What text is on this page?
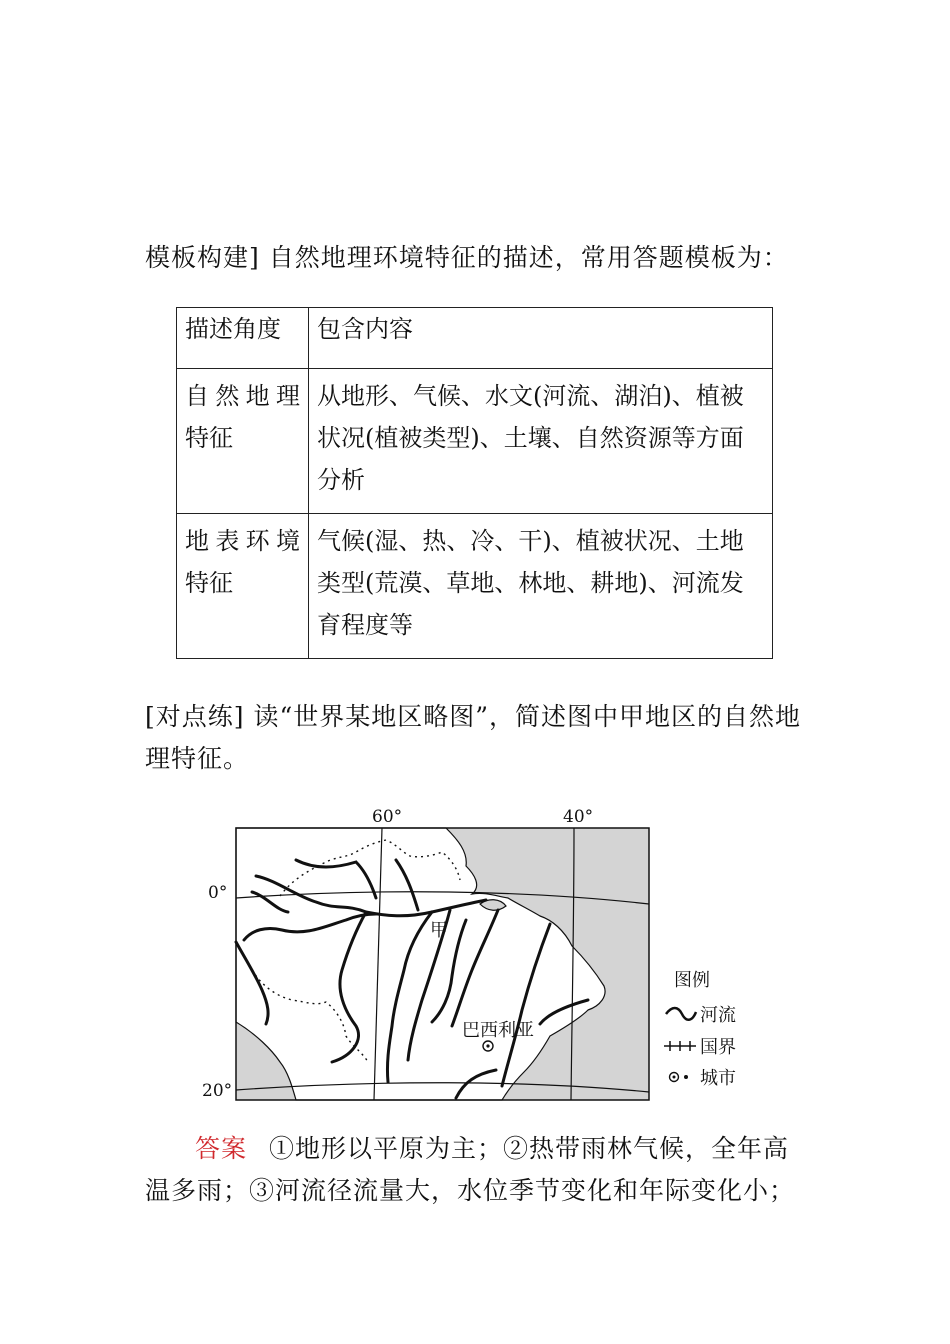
模板构建] 自然地理环境特征的描述，常用答题模板为：
描述角度	包含内容

自然地理
特征	从地形、气候、水文(河流、湖泊)、植被状况(植被类型)、土壤、自然资源等方面分析

地表环境
特征	气候(湿、热、冷、干)、植被状况、土地类型(荒漠、草地、林地、耕地)、河流发育程度等
[对点练] 读“世界某地区略图”，简述图中甲地区的自然地理特征。
60°	40°
0°
20°
甲
巴西利亚
图例
河流
国界
城市
答案 ①地形以平原为主；②热带雨林气候，全年高温多雨；③河流径流量大，水位季节变化和年际变化小；
